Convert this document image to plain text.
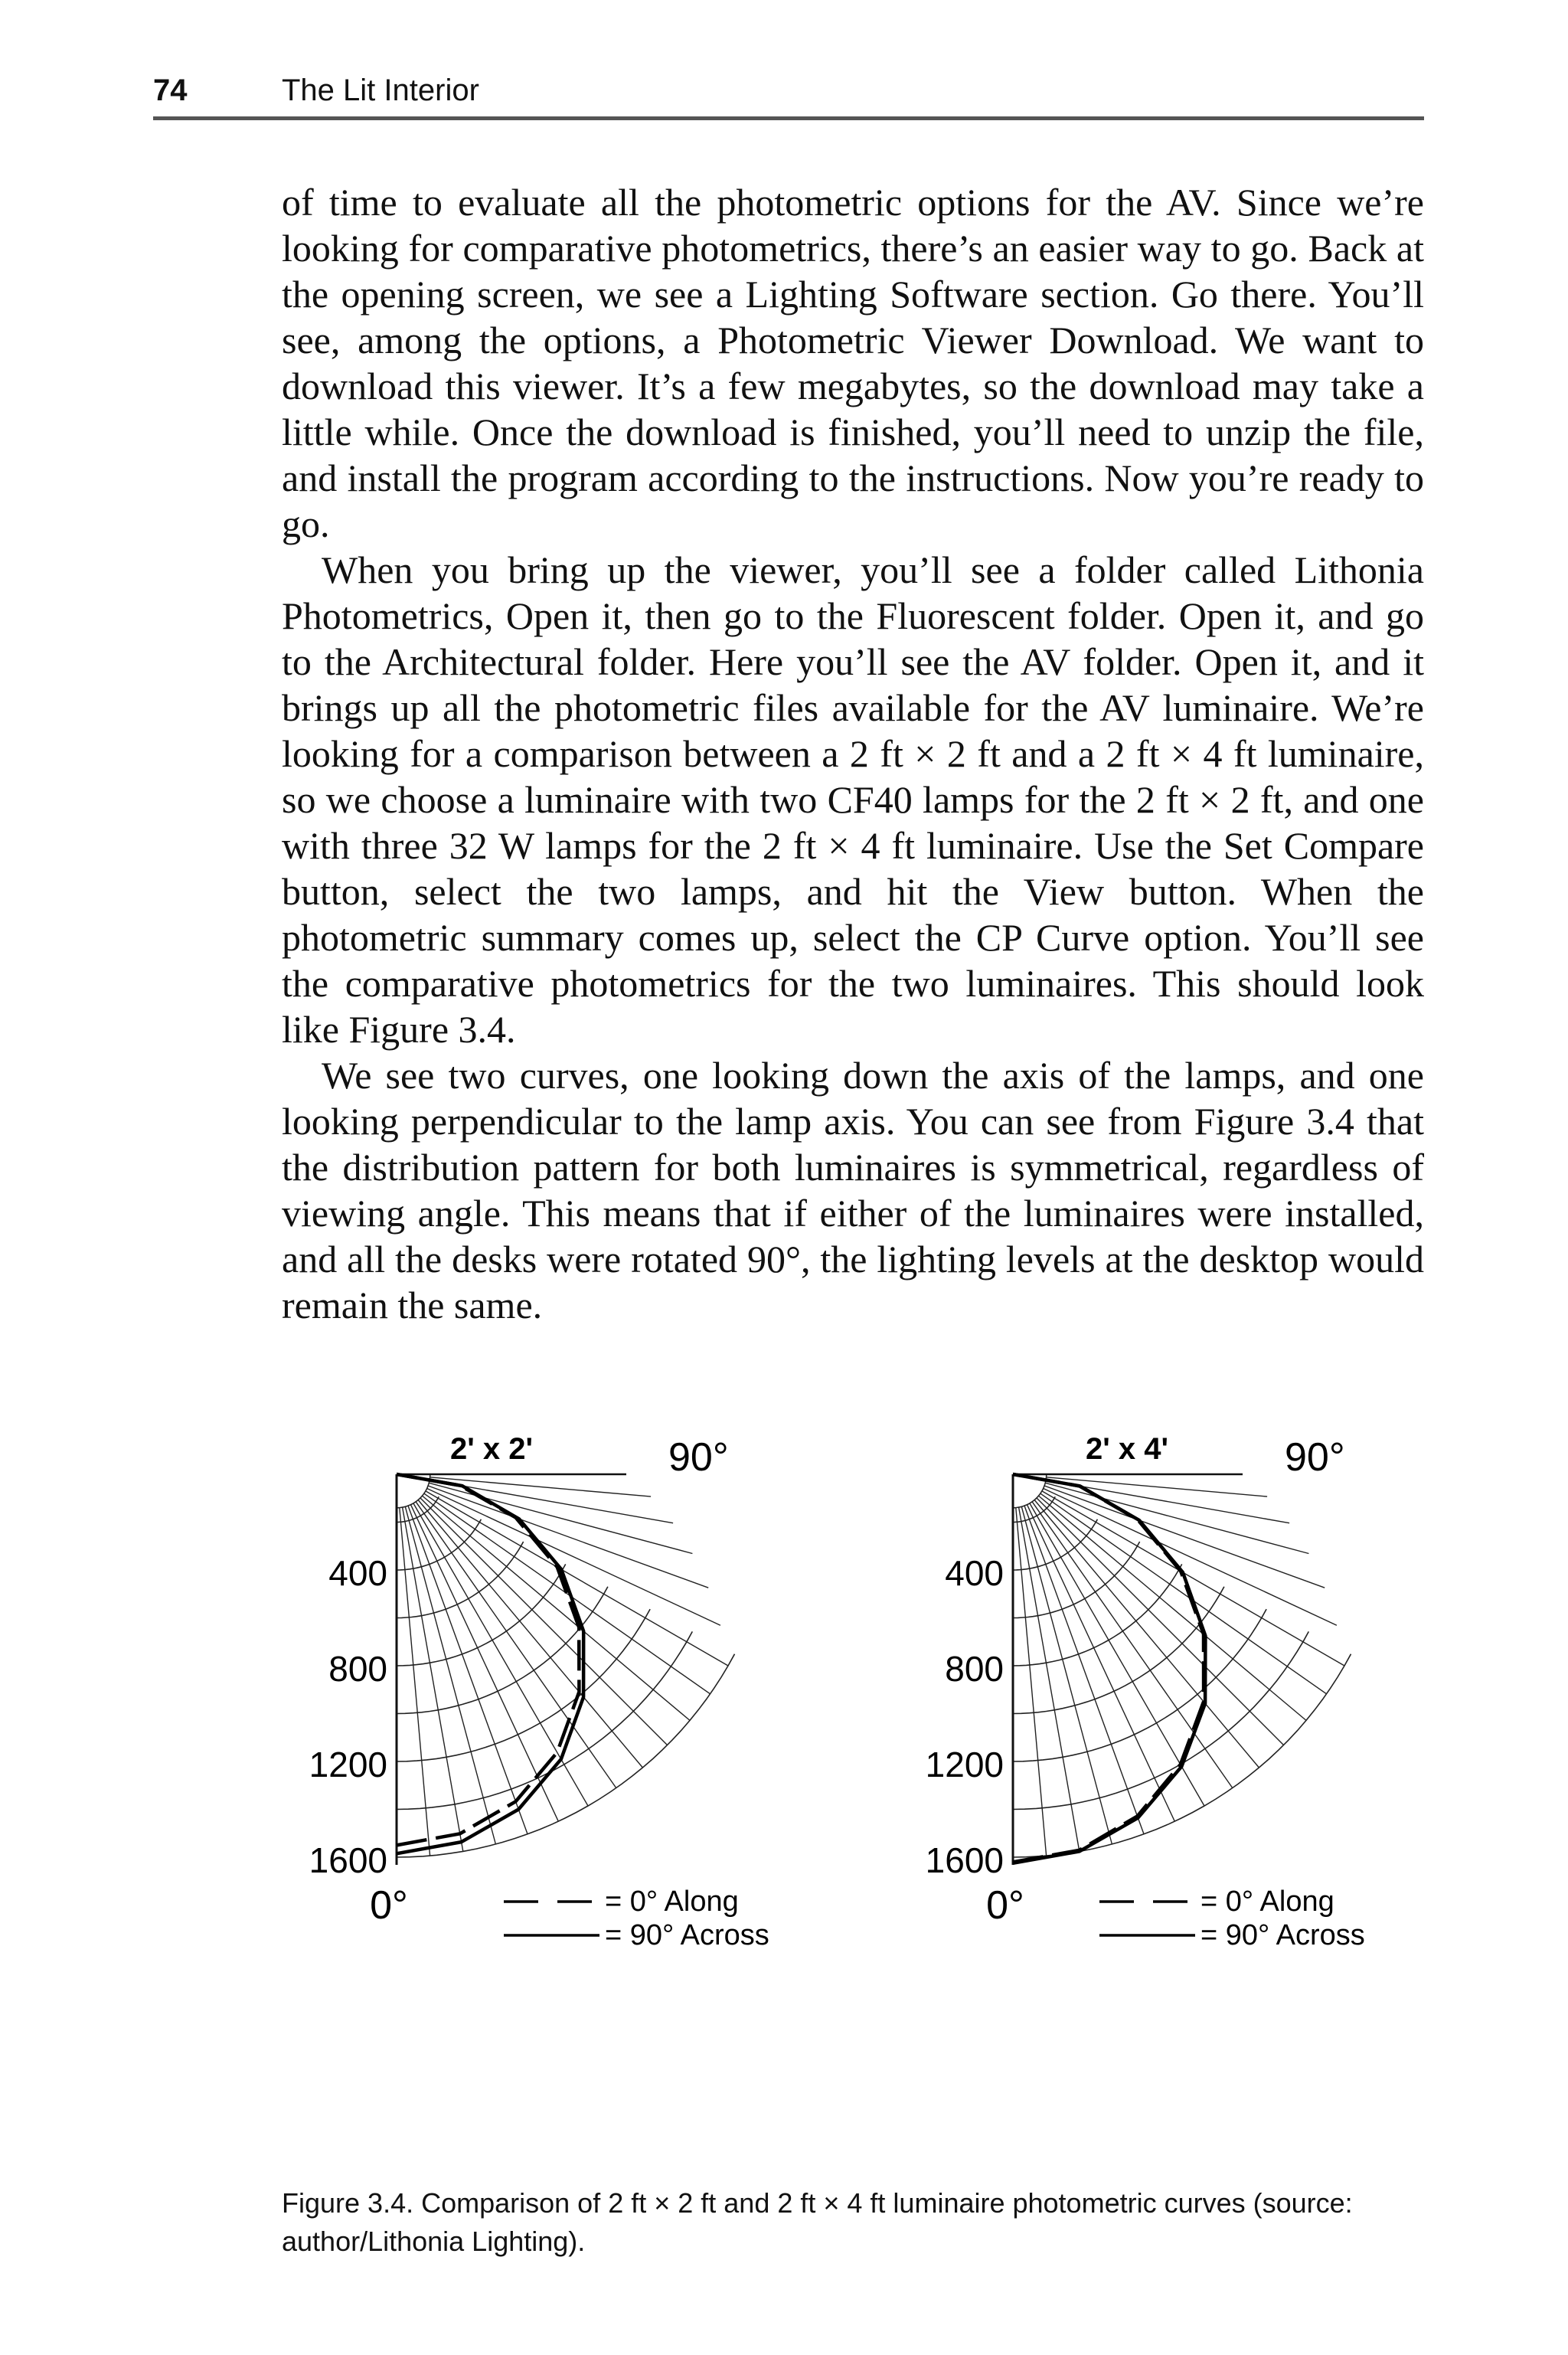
74	The Lit Interior

of time to evaluate all the photometric options for the AV. Since we’re looking for comparative photometrics, there’s an easier way to go. Back at the opening screen, we see a Lighting Software section. Go there. You’ll see, among the options, a Photometric Viewer Download. We want to download this viewer. It’s a few megabytes, so the download may take a little while. Once the download is finished, you’ll need to unzip the file, and install the program according to the instructions. Now you’re ready to go.

When you bring up the viewer, you’ll see a folder called Lithonia Photometrics, Open it, then go to the Fluorescent folder. Open it, and go to the Architectural folder. Here you’ll see the AV folder. Open it, and it brings up all the photometric files available for the AV luminaire. We’re looking for a comparison between a 2 ft × 2 ft and a 2 ft × 4 ft luminaire, so we choose a luminaire with two CF40 lamps for the 2 ft × 2 ft, and one with three 32 W lamps for the 2 ft × 4 ft luminaire. Use the Set Compare button, select the two lamps, and hit the View button. When the photometric summary comes up, select the CP Curve option. You’ll see the comparative photometrics for the two luminaires. This should look like Figure 3.4.

We see two curves, one looking down the axis of the lamps, and one looking perpendicular to the lamp axis. You can see from Figure 3.4 that the distribution pattern for both luminaires is symmetrical, regardless of viewing angle. This means that if either of the luminaires were installed, and all the desks were rotated 90°, the lighting levels at the desktop would remain the same.

400
800
1200
1600
2' x 2'	90°
0°	= 0° Along
= 90° Across
400
800
1200
1600
2' x 4'	90°
0°	= 0° Along
= 90° Across
Figure 3.4. Comparison of 2 ft × 2 ft and 2 ft × 4 ft luminaire photometric curves (source: author/Lithonia Lighting).
